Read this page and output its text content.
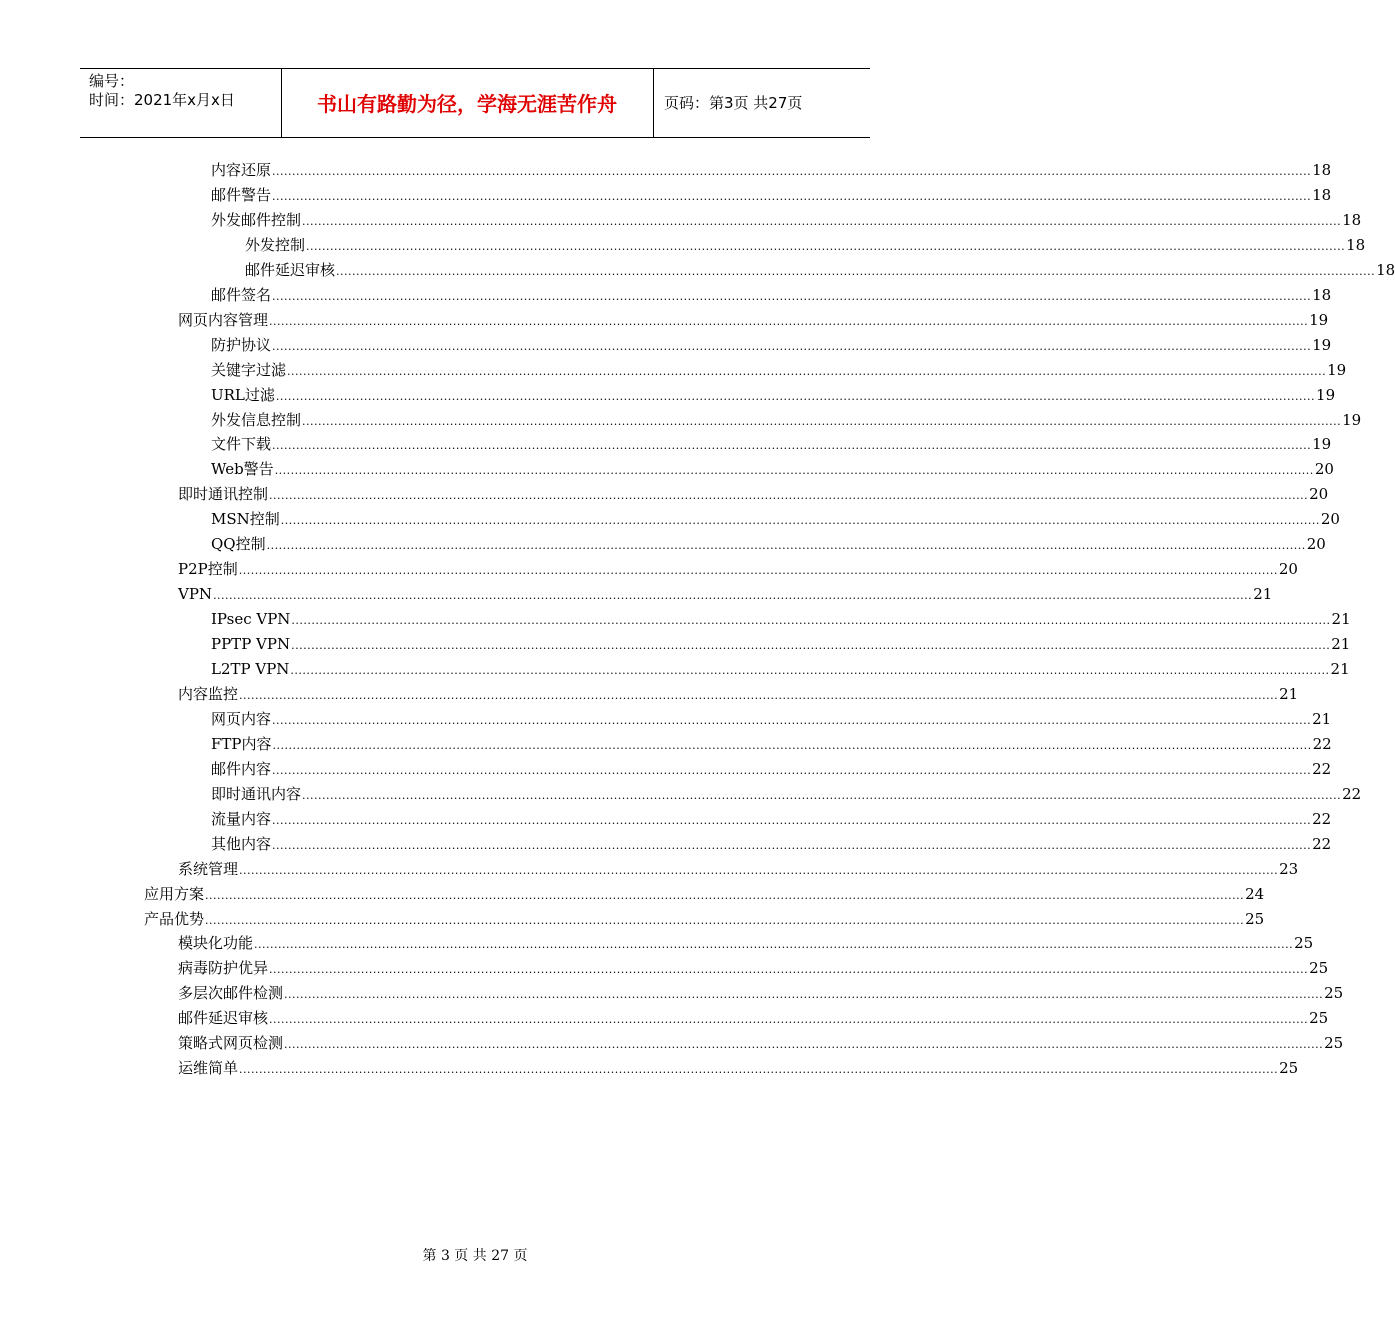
编号：
时间：2021年x月x日	书山有路勤为径，学海无涯苦作舟	页码：第3页 共27页
内容还原 .................................................................................................................................................................................................................................................................... 18
邮件警告 .................................................................................................................................................................................................................................................................... 18
外发邮件控制 .................................................................................................................................................................................................................................................................... 18
外发控制 .................................................................................................................................................................................................................................................................... 18
邮件延迟审核 .................................................................................................................................................................................................................................................................... 18
邮件签名 .................................................................................................................................................................................................................................................................... 18
网页内容管理 .................................................................................................................................................................................................................................................................... 19
防护协议 .................................................................................................................................................................................................................................................................... 19
关键字过滤 .................................................................................................................................................................................................................................................................... 19
URL过滤 .................................................................................................................................................................................................................................................................... 19
外发信息控制 .................................................................................................................................................................................................................................................................... 19
文件下载 .................................................................................................................................................................................................................................................................... 19
Web警告 .................................................................................................................................................................................................................................................................... 20
即时通讯控制 .................................................................................................................................................................................................................................................................... 20
MSN控制 .................................................................................................................................................................................................................................................................... 20
QQ控制 .................................................................................................................................................................................................................................................................... 20
P2P控制 .................................................................................................................................................................................................................................................................... 20
VPN .................................................................................................................................................................................................................................................................... 21
IPsec VPN .................................................................................................................................................................................................................................................................... 21
PPTP VPN .................................................................................................................................................................................................................................................................... 21
L2TP VPN .................................................................................................................................................................................................................................................................... 21
内容监控 .................................................................................................................................................................................................................................................................... 21
网页内容 .................................................................................................................................................................................................................................................................... 21
FTP内容 .................................................................................................................................................................................................................................................................... 22
邮件内容 .................................................................................................................................................................................................................................................................... 22
即时通讯内容 .................................................................................................................................................................................................................................................................... 22
流量内容 .................................................................................................................................................................................................................................................................... 22
其他内容 .................................................................................................................................................................................................................................................................... 22
系统管理 .................................................................................................................................................................................................................................................................... 23
应用方案 .................................................................................................................................................................................................................................................................... 24
产品优势 .................................................................................................................................................................................................................................................................... 25
模块化功能 .................................................................................................................................................................................................................................................................... 25
病毒防护优异 .................................................................................................................................................................................................................................................................... 25
多层次邮件检测 .................................................................................................................................................................................................................................................................... 25
邮件延迟审核 .................................................................................................................................................................................................................................................................... 25
策略式网页检测 .................................................................................................................................................................................................................................................................... 25
运维简单 .................................................................................................................................................................................................................................................................... 25
第 3 页 共 27 页
